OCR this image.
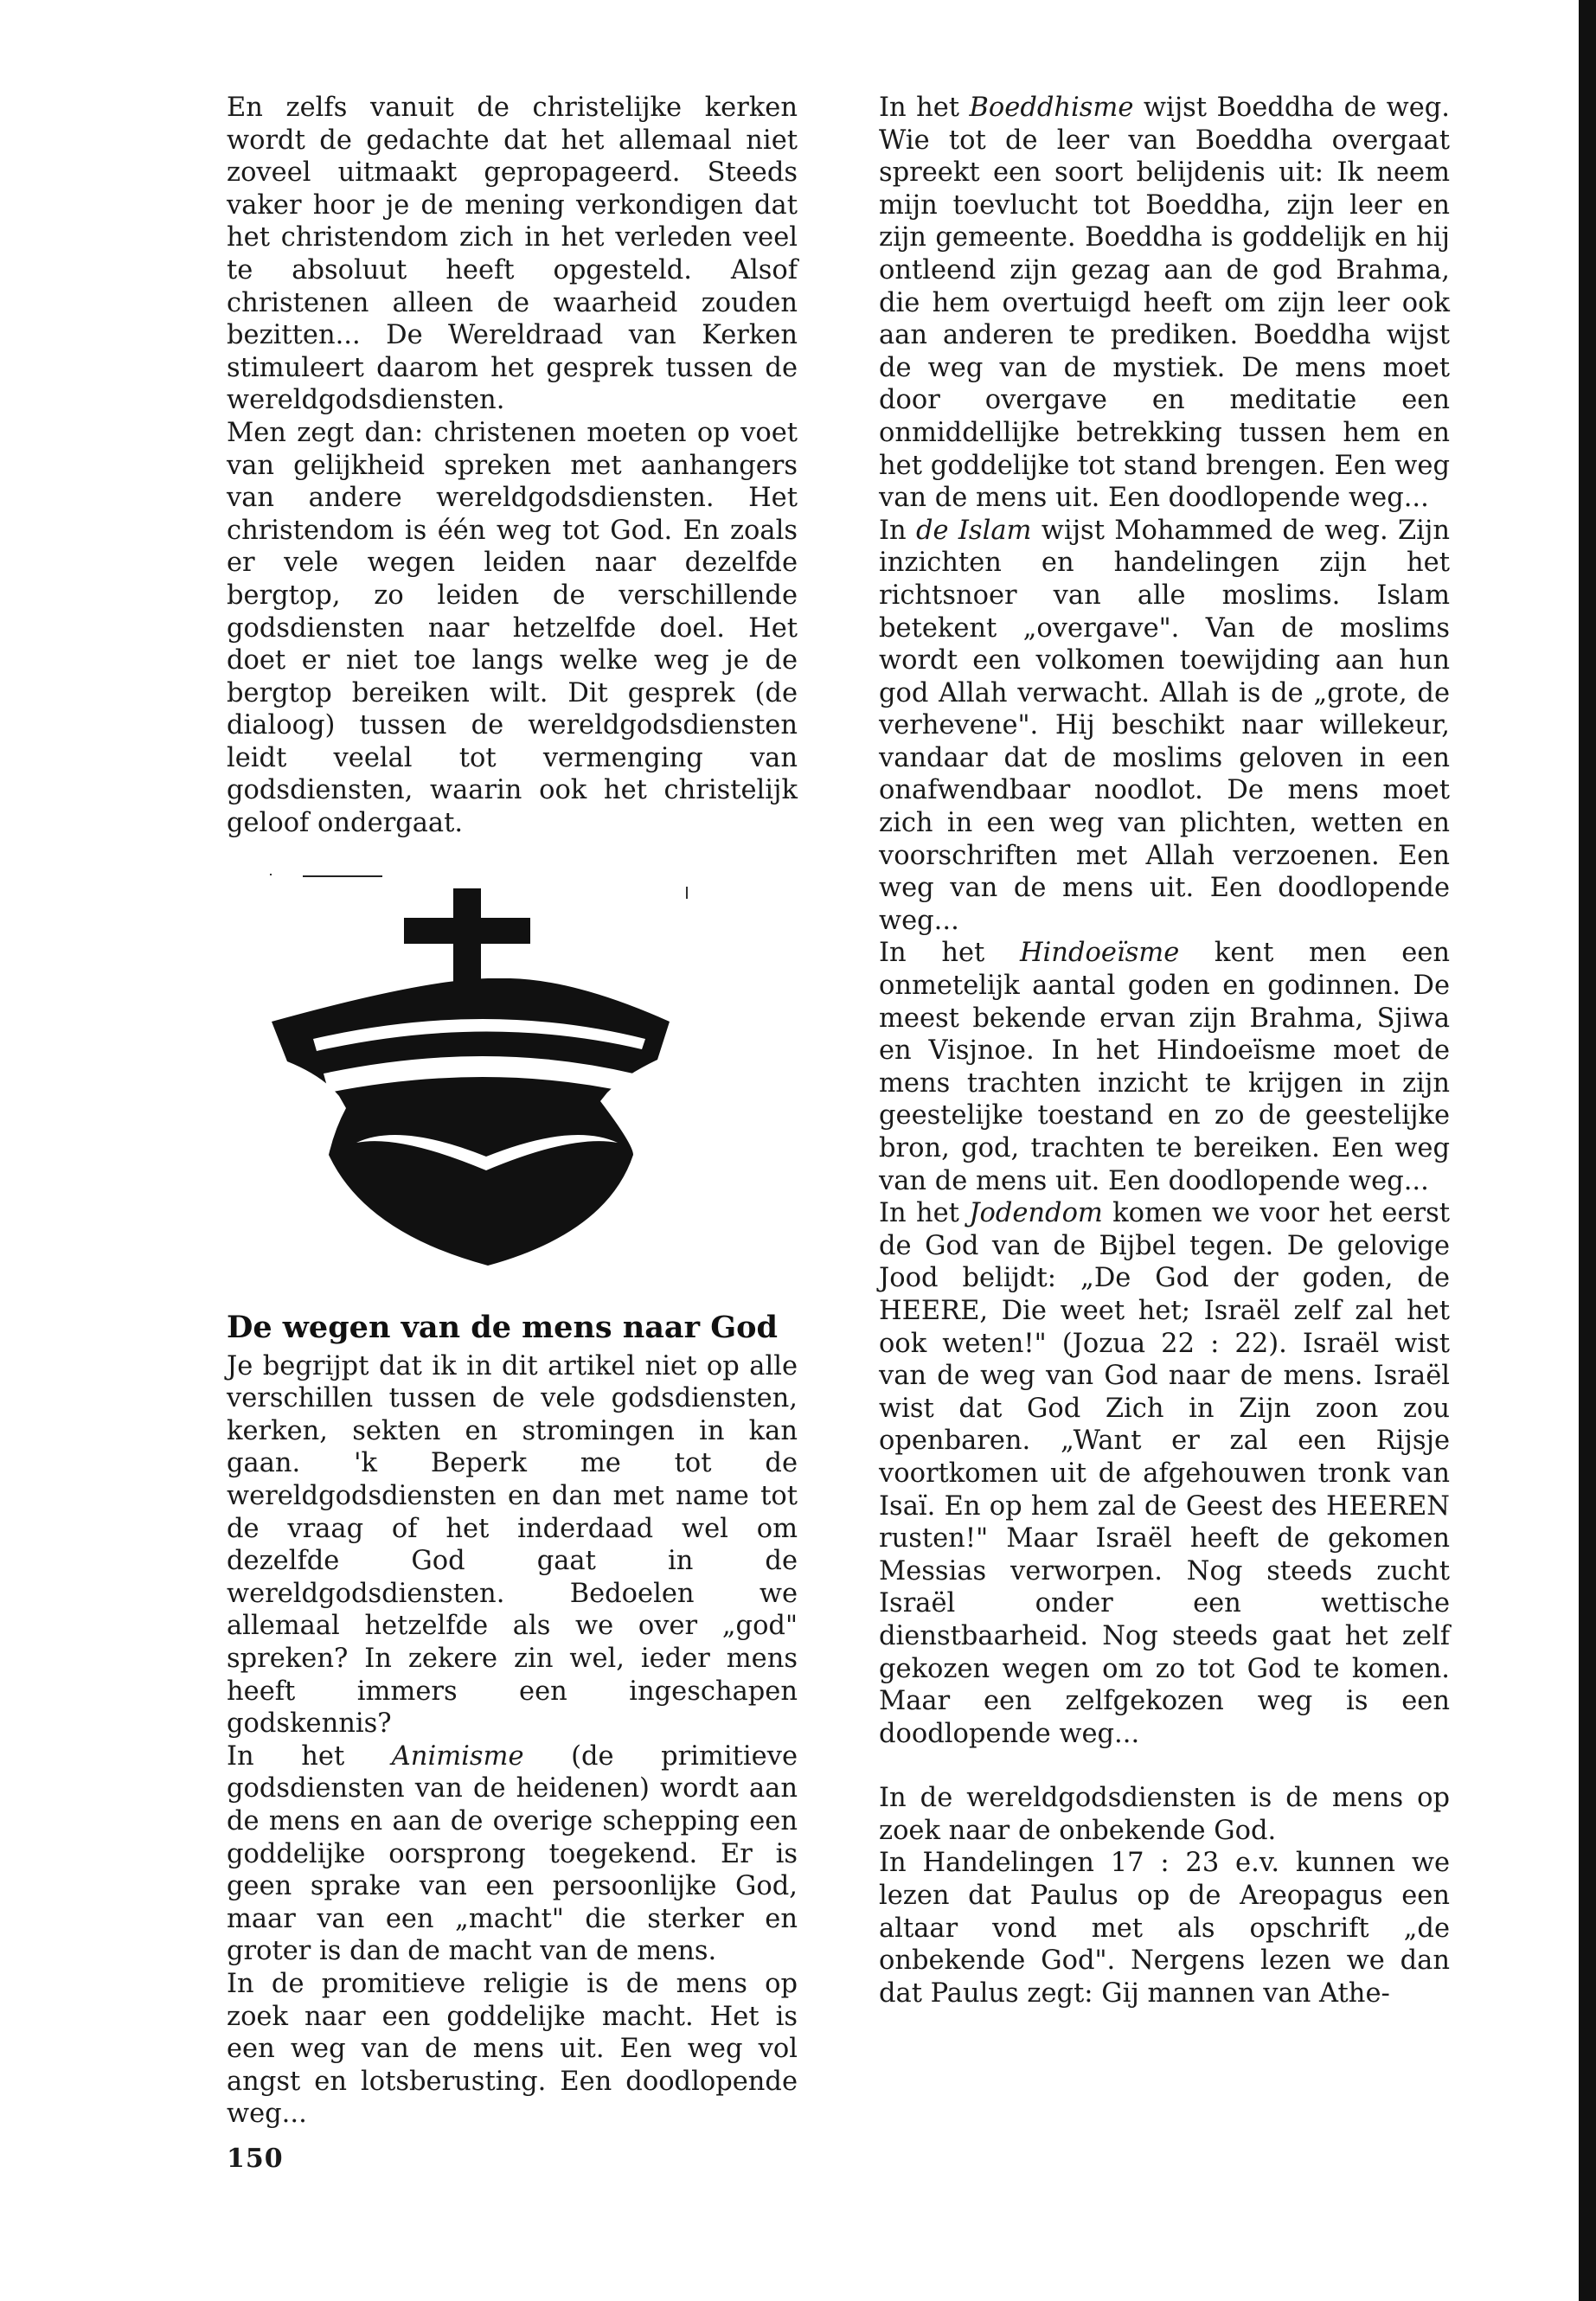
En zelfs vanuit de christelijke kerken wordt de gedachte dat het allemaal niet zoveel uitmaakt gepropageerd. Steeds vaker hoor je de mening verkondigen dat het christendom zich in het verleden veel te absoluut heeft opgesteld. Alsof christenen alleen de waarheid zouden bezitten... De Wereldraad van Kerken stimuleert daarom het gesprek tussen de wereldgodsdiensten.

Men zegt dan: christenen moeten op voet van gelijkheid spreken met aanhangers van andere wereldgodsdiensten. Het christendom is één weg tot God. En zoals er vele wegen leiden naar dezelfde bergtop, zo leiden de verschillende godsdiensten naar hetzelfde doel. Het doet er niet toe langs welke weg je de bergtop bereiken wilt. Dit gesprek (de dialoog) tussen de wereldgodsdiensten leidt veelal tot vermenging van godsdiensten, waarin ook het christelijk geloof ondergaat.

De wegen van de mens naar God

Je begrijpt dat ik in dit artikel niet op alle verschillen tussen de vele godsdiensten, kerken, sekten en stromingen in kan gaan. 'k Beperk me tot de wereldgodsdiensten en dan met name tot de vraag of het inderdaad wel om dezelfde God gaat in de wereldgodsdiensten. Bedoelen we allemaal hetzelfde als we over „god" spreken? In zekere zin wel, ieder mens heeft immers een ingeschapen godskennis?

In het Animisme (de primitieve godsdiensten van de heidenen) wordt aan de mens en aan de overige schepping een goddelijke oorsprong toegekend. Er is geen sprake van een persoonlijke God, maar van een „macht" die sterker en groter is dan de macht van de mens.

In de promitieve religie is de mens op zoek naar een goddelijke macht. Het is een weg van de mens uit. Een weg vol angst en lotsberusting. Een doodlopende weg...

In het Boeddhisme wijst Boeddha de weg. Wie tot de leer van Boeddha overgaat spreekt een soort belijdenis uit: Ik neem mijn toevlucht tot Boeddha, zijn leer en zijn gemeente. Boeddha is goddelijk en hij ontleend zijn gezag aan de god Brahma, die hem overtuigd heeft om zijn leer ook aan anderen te prediken. Boeddha wijst de weg van de mystiek. De mens moet door overgave en meditatie een onmiddellijke betrekking tussen hem en het goddelijke tot stand brengen. Een weg van de mens uit. Een doodlopende weg...

In de Islam wijst Mohammed de weg. Zijn inzichten en handelingen zijn het richtsnoer van alle moslims. Islam betekent „overgave". Van de moslims wordt een volkomen toewijding aan hun god Allah verwacht. Allah is de „grote, de verhevene". Hij beschikt naar willekeur, vandaar dat de moslims geloven in een onafwendbaar noodlot. De mens moet zich in een weg van plichten, wetten en voorschriften met Allah verzoenen. Een weg van de mens uit. Een doodlopende weg...

In het Hindoeïsme kent men een onmetelijk aantal goden en godinnen. De meest bekende ervan zijn Brahma, Sjiwa en Visjnoe. In het Hindoeïsme moet de mens trachten inzicht te krijgen in zijn geestelijke toestand en zo de geestelijke bron, god, trachten te bereiken. Een weg van de mens uit. Een doodlopende weg...

In het Jodendom komen we voor het eerst de God van de Bijbel tegen. De gelovige Jood belijdt: „De God der goden, de HEERE, Die weet het; Israël zelf zal het ook weten!" (Jozua 22 : 22). Israël wist van de weg van God naar de mens. Israël wist dat God Zich in Zijn zoon zou openbaren. „Want er zal een Rijsje voortkomen uit de afgehouwen tronk van Isaï. En op hem zal de Geest des HEEREN rusten!" Maar Israël heeft de gekomen Messias verworpen. Nog steeds zucht Israël onder een wettische dienstbaarheid. Nog steeds gaat het zelf gekozen wegen om zo tot God te komen. Maar een zelfgekozen weg is een doodlopende weg...

In de wereldgodsdiensten is de mens op zoek naar de onbekende God.

In Handelingen 17 : 23 e.v. kunnen we lezen dat Paulus op de Areopagus een altaar vond met als opschrift „de onbekende God". Nergens lezen we dan dat Paulus zegt: Gij mannen van Athe-

150
